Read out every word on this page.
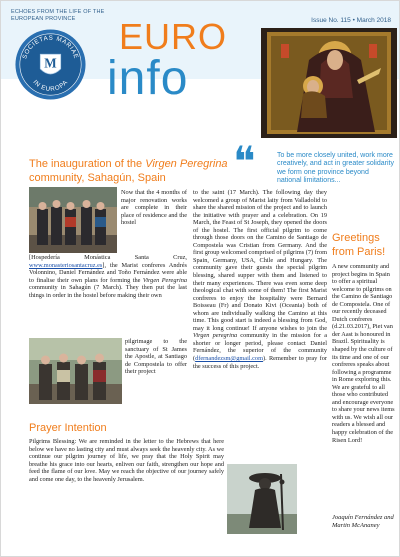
ECHOES FROM THE LIFE OF THE EUROPEAN PROVINCE	Issue No. 115 • March 2018
SOCIETAS MARIAE
IN EUROPA
M
EURO
info
❝	To be more closely united, work more creatively, and act in greater solidarity we form one province beyond national limitations...
The inauguration of the Virgen Peregrina community, Sahagún, Spain
Now that the 4 months of major renovation works are complete in their place of residence and the hostel
[Hospedería Monástica Santa Cruz, www.monasteriosantacruz.es], the Marist confreres Andrés Volonnino, Daniel Fernández and Toño Fernández were able to finalise their own plans for forming the Virgen Peregrina community in Sahagún (7 March). They then put the last things in order in the hostel before making their own
pilgrimage to the sanctuary of St James the Apostle, at Santiago de Compostela to offer their project
to the saint (17 March). The following day they welcomed a group of Marist laity from Valladolid to share the shared mission of the project and to launch the initiative with prayer and a celebration. On 19 March, the Feast of St Joseph, they opened the doors of the hostel. The first official pilgrim to come through those doors on the Camino de Santiago de Compostela was Cristian from Germany. And the first group welcomed comprised of pilgrims (7) from Spain, Germany, USA, Chile and Hungary. The community gave their guests the special pilgrim blessing, shared supper with them and listened to their many experiences. There was even some deep theological chat with some of them! The first Marist confreres to enjoy the hospitality were Bernard Boisseau (Fr) and Donato Kivi (Oceania) both of whom are individually walking the Camino at this time. This good start is indeed a blessing from God, may it long continue! If anyone wishes to join the Virgen peregrina community in the mission for a shorter or longer period, please contact Daniel Fernández, the superior of the community (dfernandezsm@gmail.com). Remember to pray for the success of this project.
Prayer Intention
Pilgrims Blessing: We are reminded in the letter to the Hebrews that here below we have no lasting city and must always seek the heavenly city. As we continue our pilgrim journey of life, we pray that the Holy Spirit may breathe his grace into our hearts, enliven our faith, strengthen our hope and feed the flame of our love. May we reach the objective of our journey safely and come one day, to the heavenly Jerusalem.
Greetings from Paris!
A new community and project begins in Spain to offer a spiritual welcome to pilgrims on the Camino de Santiago de Compostela. One of our recently deceased Dutch confreres (d.21.03.2017), Piet van der Aast is honoured in Brazil. Spirituality is shaped by the culture of its time and one of our confreres speaks about following a programme in Rome exploring this. We are grateful to all those who contributed and encourage everyone to share your news items with us. We wish all our readers a blessed and happy celebration of the Risen Lord!
Joaquín Fernández and Martin McAnaney
